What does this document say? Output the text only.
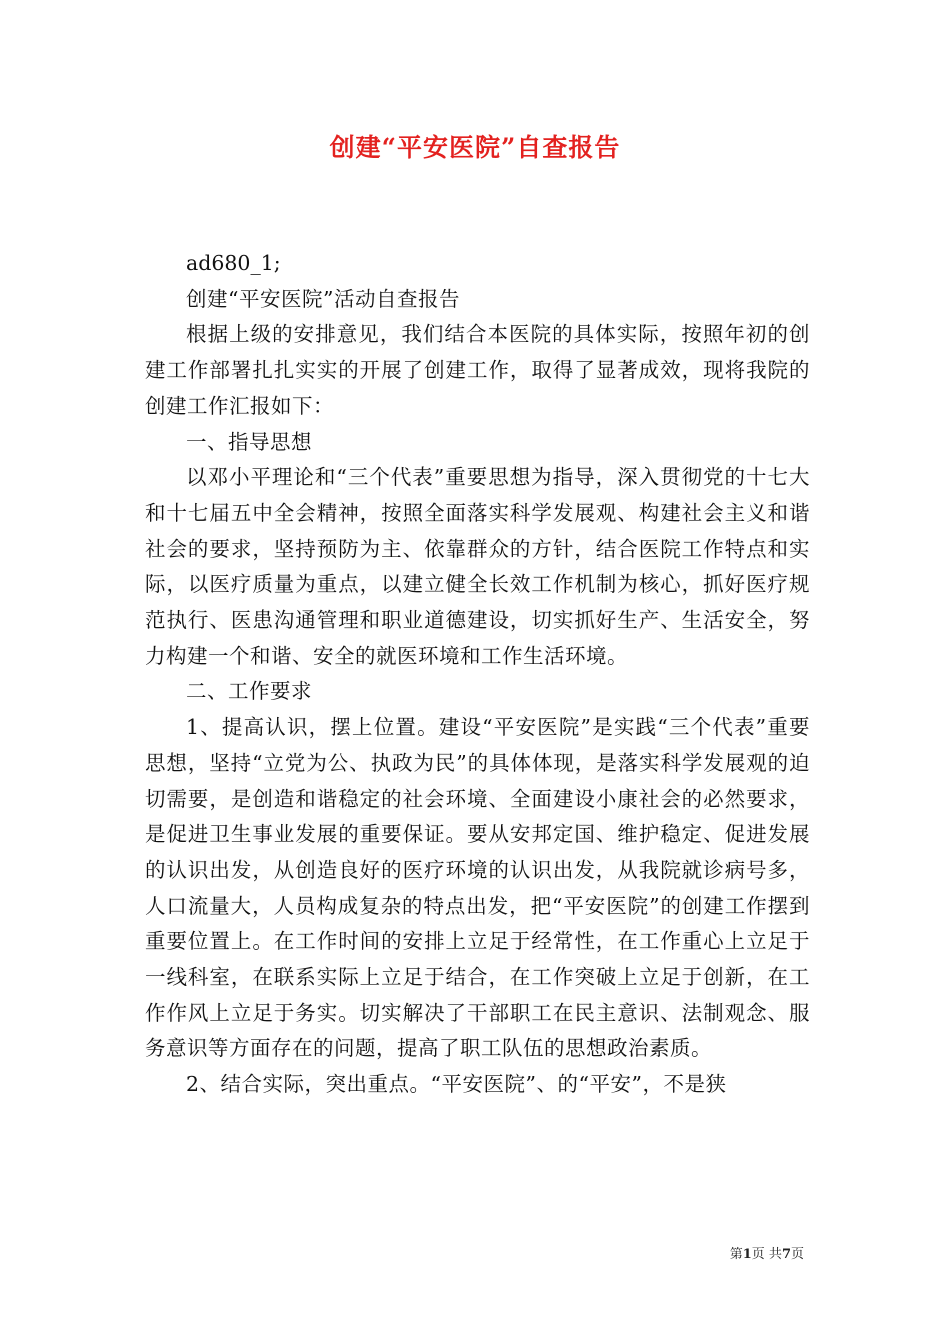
创建“平安医院”自查报告

ad680_1;

创建“平安医院”活动自查报告

根据上级的安排意见，我们结合本医院的具体实际，按照年初的创建工作部署扎扎实实的开展了创建工作，取得了显著成效，现将我院的创建工作汇报如下：

一、指导思想

以邓小平理论和“三个代表”重要思想为指导，深入贯彻党的十七大和十七届五中全会精神，按照全面落实科学发展观、构建社会主义和谐社会的要求，坚持预防为主、依靠群众的方针，结合医院工作特点和实际，以医疗质量为重点，以建立健全长效工作机制为核心，抓好医疗规范执行、医患沟通管理和职业道德建设，切实抓好生产、生活安全，努力构建一个和谐、安全的就医环境和工作生活环境。

二、工作要求

1、提高认识，摆上位置。建设“平安医院”是实践“三个代表”重要思想，坚持“立党为公、执政为民”的具体体现，是落实科学发展观的迫切需要，是创造和谐稳定的社会环境、全面建设小康社会的必然要求，是促进卫生事业发展的重要保证。要从安邦定国、维护稳定、促进发展的认识出发，从创造良好的医疗环境的认识出发，从我院就诊病号多，人口流量大，人员构成复杂的特点出发，把“平安医院”的创建工作摆到重要位置上。在工作时间的安排上立足于经常性，在工作重心上立足于一线科室，在联系实际上立足于结合，在工作突破上立足于创新，在工作作风上立足于务实。切实解决了干部职工在民主意识、法制观念、服务意识等方面存在的问题，提高了职工队伍的思想政治素质。

2、结合实际，突出重点。“平安医院”、的“平安”，不是狭

第1页 共7页
